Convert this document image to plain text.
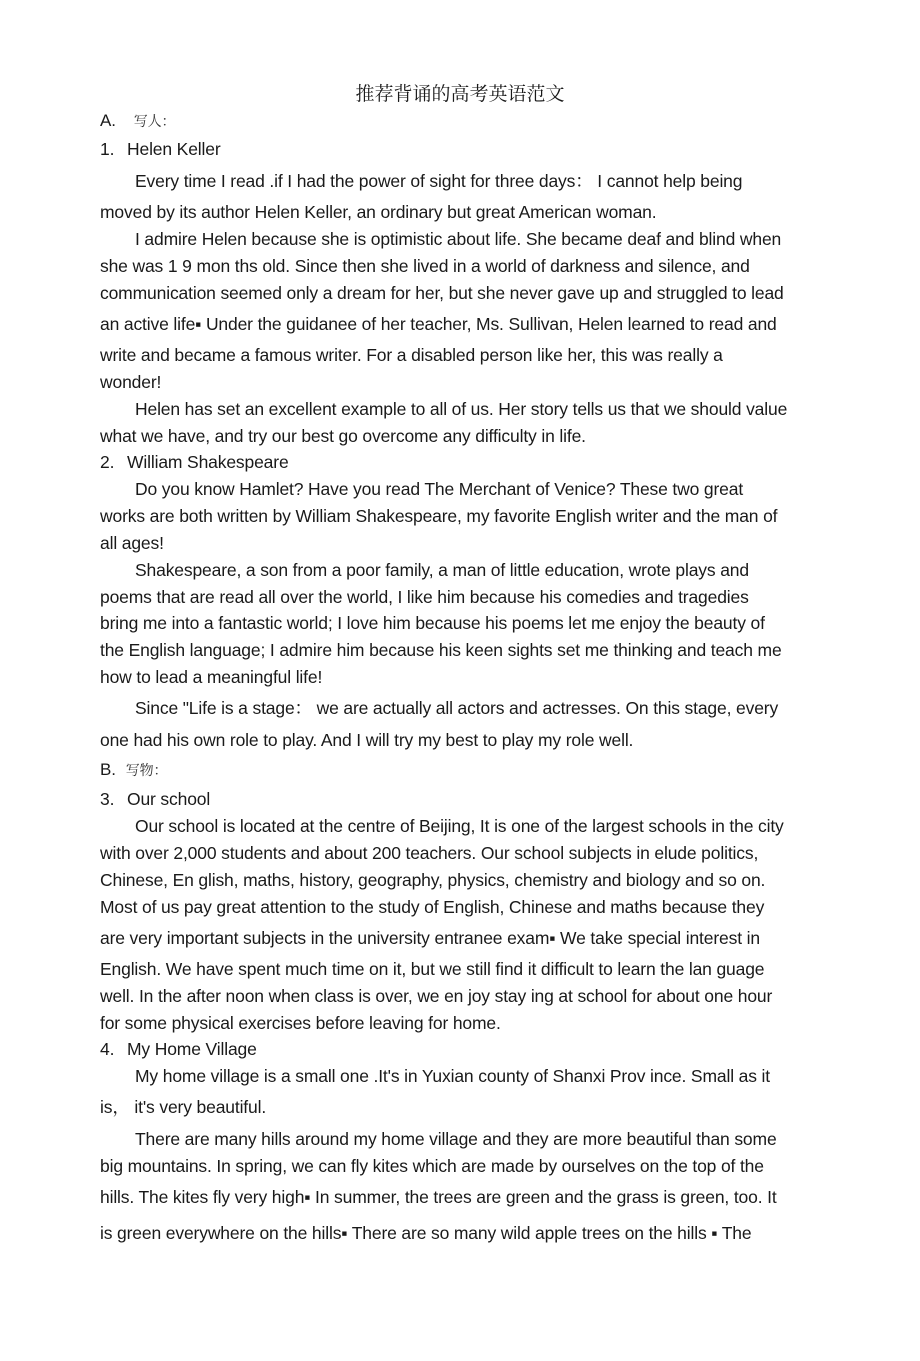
推荐背诵的高考英语范文
A. 写人：
1. Helen Keller
Every time I read .if I had the power of sight for three days： I cannot help being
moved by its author Helen Keller, an ordinary but great American woman.
I admire Helen because she is optimistic about life. She became deaf and blind when
she was 1 9 mon ths old. Since then she lived in a world of darkness and silence, and
communication seemed only a dream for her, but she never gave up and struggled to lead
an active life▪ Under the guidanee of her teacher, Ms. Sullivan, Helen learned to read and
write and became a famous writer. For a disabled person like her, this was really a
wonder!
Helen has set an excellent example to all of us. Her story tells us that we should value
what we have, and try our best go overcome any difficulty in life.
2. William Shakespeare
Do you know Hamlet? Have you read The Merchant of Venice? These two great
works are both written by William Shakespeare, my favorite English writer and the man of
all ages!
Shakespeare, a son from a poor family, a man of little education, wrote plays and
poems that are read all over the world, I like him because his comedies and tragedies
bring me into a fantastic world; I love him because his poems let me enjoy the beauty of
the English language; I admire him because his keen sights set me thinking and teach me
how to lead a meaningful life!
Since "Life is a stage： we are actually all actors and actresses. On this stage, every
one had his own role to play. And I will try my best to play my role well.
B. 写物：
3. Our school
Our school is located at the centre of Beijing, It is one of the largest schools in the city
with over 2,000 students and about 200 teachers. Our school subjects in elude politics,
Chinese, En glish, maths, history, geography, physics, chemistry and biology and so on.
Most of us pay great attention to the study of English, Chinese and maths because they
are very important subjects in the university entranee exam▪ We take special interest in
English. We have spent much time on it, but we still find it difficult to learn the lan guage
well. In the after noon when class is over, we en joy stay ing at school for about one hour
for some physical exercises before leaving for home.
4. My Home Village
My home village is a small one .It's in Yuxian county of Shanxi Prov ince. Small as it
is， it's very beautiful.
There are many hills around my home village and they are more beautiful than some
big mountains. In spring, we can fly kites which are made by ourselves on the top of the
hills. The kites fly very high▪ In summer, the trees are green and the grass is green, too. It
is green everywhere on the hills▪ There are so many wild apple trees on the hills ▪ The
